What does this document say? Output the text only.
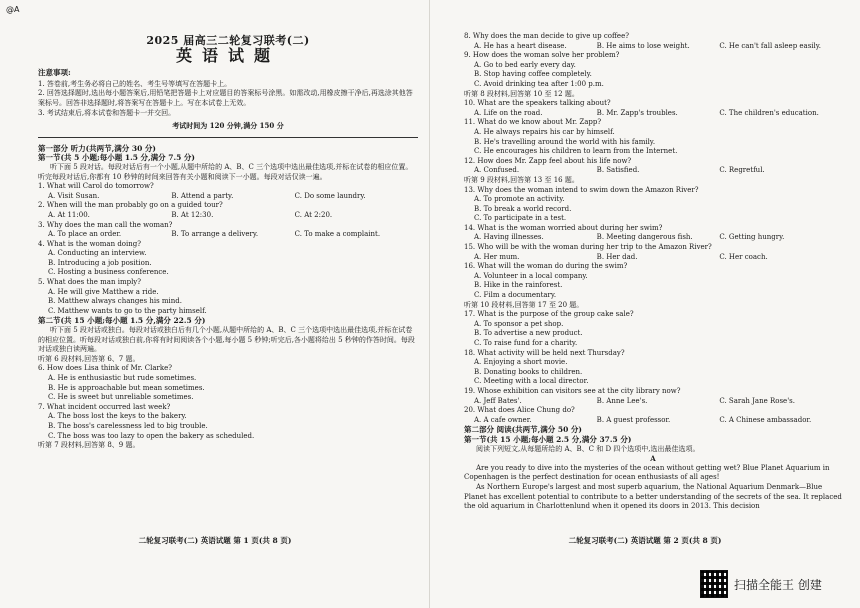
@A
2025 届高三二轮复习联考(二)
英语试题
注意事项:

1. 答卷前,考生务必将自己的姓名、考生号等填写在答题卡上。

2. 回答选择题时,选出每小题答案后,用铅笔把答题卡上对应题目的答案标号涂黑。如需改动,用橡皮擦干净后,再选涂其他答案标号。回答非选择题时,将答案写在答题卡上。写在本试卷上无效。

3. 考试结束后,将本试卷和答题卡一并交回。

考试时间为 120 分钟,满分 150 分
第一部分 听力(共两节,满分 30 分)
第一节(共 5 小题;每小题 1.5 分,满分 7.5 分)

听下面 5 段对话。每段对话后有一个小题,从题中所给的 A、B、C 三个选项中选出最佳选项,并标在试卷的相应位置。听完每段对话后,你都有 10 秒钟的时间来回答有关小题和阅读下一小题。每段对话仅读一遍。

1. What will Carol do tomorrow?
A. Visit Susan.	B. Attend a party.	C. Do some laundry.
2. When will the man probably go on a guided tour?
A. At 11:00.	B. At 12:30.	C. At 2:20.
3. Why does the man call the woman?
A. To place an order.	B. To arrange a delivery.	C. To make a complaint.
4. What is the woman doing?
A. Conducting an interview.
B. Introducing a job position.
C. Hosting a business conference.
5. What does the man imply?
A. He will give Matthew a ride.
B. Matthew always changes his mind.
C. Matthew wants to go to the party himself.
第二节(共 15 小题;每小题 1.5 分,满分 22.5 分)

听下面 5 段对话或独白。每段对话或独白后有几个小题,从题中所给的 A、B、C 三个选项中选出最佳选项,并标在试卷的相应位置。听每段对话或独白前,你将有时间阅读各个小题,每小题 5 秒钟;听完后,各小题将给出 5 秒钟的作答时间。每段对话或独白读两遍。

听第 6 段材料,回答第 6、7 题。
6. How does Lisa think of Mr. Clarke?
A. He is enthusiastic but rude sometimes.
B. He is approachable but mean sometimes.
C. He is sweet but unreliable sometimes.
7. What incident occurred last week?
A. The boss lost the keys to the bakery.
B. The boss's carelessness led to big trouble.
C. The boss was too lazy to open the bakery as scheduled.
听第 7 段材料,回答第 8、9 题。
二轮复习联考(二) 英语试题 第 1 页(共 8 页)
8. Why does the man decide to give up coffee?
A. He has a heart disease.	B. He aims to lose weight.	C. He can't fall asleep easily.
9. How does the woman solve her problem?
A. Go to bed early every day.
B. Stop having coffee completely.
C. Avoid drinking tea after 1:00 p.m.
听第 8 段材料,回答第 10 至 12 题。
10. What are the speakers talking about?
A. Life on the road.	B. Mr. Zapp's troubles.	C. The children's education.
11. What do we know about Mr. Zapp?
A. He always repairs his car by himself.
B. He's travelling around the world with his family.
C. He encourages his children to learn from the Internet.
12. How does Mr. Zapp feel about his life now?
A. Confused.	B. Satisfied.	C. Regretful.
听第 9 段材料,回答第 13 至 16 题。
13. Why does the woman intend to swim down the Amazon River?
A. To promote an activity.
B. To break a world record.
C. To participate in a test.
14. What is the woman worried about during her swim?
A. Having illnesses.	B. Meeting dangerous fish.	C. Getting hungry.
15. Who will be with the woman during her trip to the Amazon River?
A. Her mum.	B. Her dad.	C. Her coach.
16. What will the woman do during the swim?
A. Volunteer in a local company.
B. Hike in the rainforest.
C. Film a documentary.
听第 10 段材料,回答第 17 至 20 题。
17. What is the purpose of the group cake sale?
A. To sponsor a pet shop.
B. To advertise a new product.
C. To raise fund for a charity.
18. What activity will be held next Thursday?
A. Enjoying a short movie.
B. Donating books to children.
C. Meeting with a local director.
19. Whose exhibition can visitors see at the city library now?
A. Jeff Bates'.	B. Anne Lee's.	C. Sarah Jane Rose's.
20. What does Alice Chung do?
A. A cafe owner.	B. A guest professor.	C. A Chinese ambassador.
第二部分 阅读(共两节,满分 50 分)
第一节(共 15 小题;每小题 2.5 分,满分 37.5 分)

阅读下列短文,从每题所给的 A、B、C 和 D 四个选项中,选出最佳选项。

A

Are you ready to dive into the mysteries of the ocean without getting wet? Blue Planet Aquarium in Copenhagen is the perfect destination for ocean enthusiasts of all ages!

As Northern Europe's largest and most superb aquarium, the National Aquarium Denmark—Blue Planet has excellent potential to contribute to a better understanding of the secrets of the sea. It replaced the old aquarium in Charlottenlund when it opened its doors in 2013. This decision

二轮复习联考(二) 英语试题 第 2 页(共 8 页)
扫描全能王 创建
